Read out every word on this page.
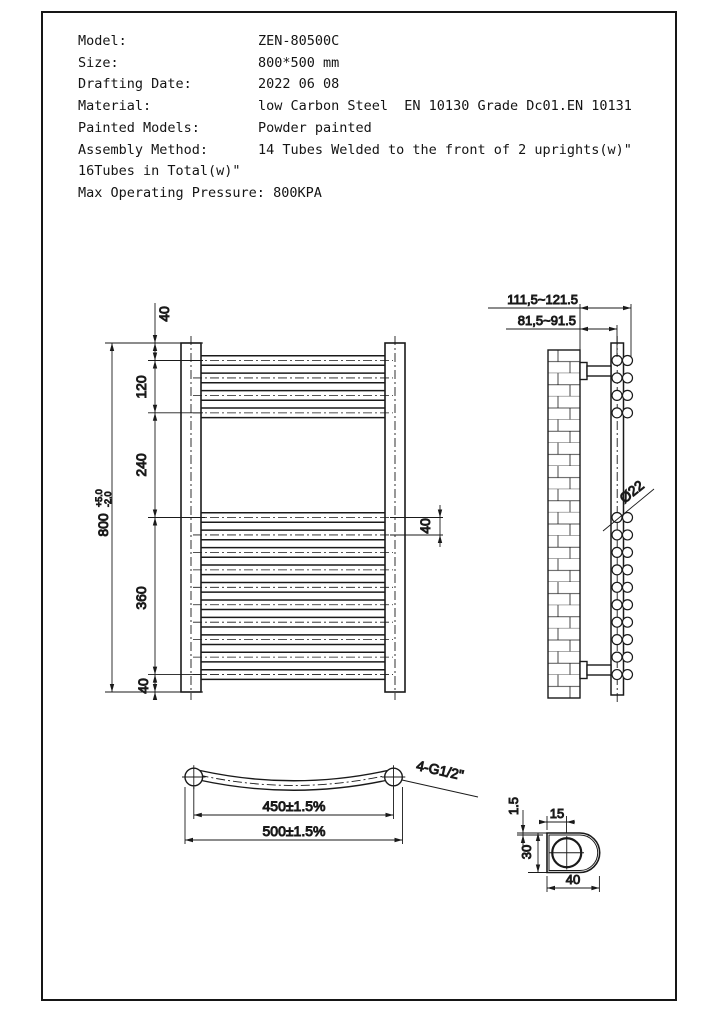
Model:	ZEN-80500C
Size:	800*500 mm
Drafting Date:	2022 06 08
Material:	low Carbon Steel  EN 10130 Grade Dc01.EN 10131
Painted Models:	Powder painted
Assembly Method:	14 Tubes Welded to the front of 2 uprights(w)"
16Tubes in Total(w)"
Max Operating Pressure: 800KPA
800
+5.0 -2.0
40
120
240
360
40
40
111,5~121.5
81,5~91.5
Ø22
450±1.5%
500±1.5%
4-G1/2"
15
1.5
30
40
